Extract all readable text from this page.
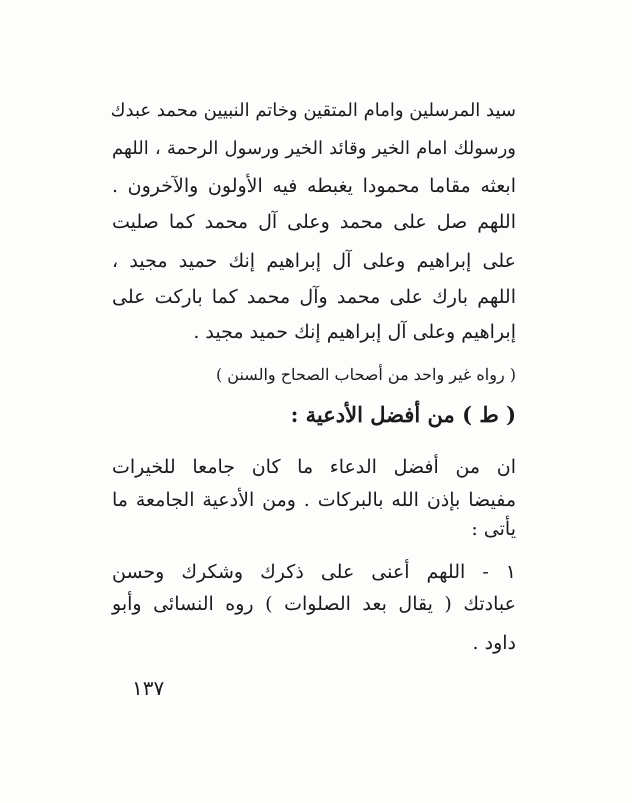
سيد المرسلين وامام المتقين وخاتم النبيين محمد عبدك
ورسولك امام الخير وقائد الخير ورسول الرحمة ، اللهم
ابعثه مقاما محمودا يغبطه فيه الأولون والآخرون .
اللهم صل على محمد وعلى آل محمد كما صليت
على إبراهيم وعلى آل إبراهيم إنك حميد مجيد ،
اللهم بارك على محمد وآل محمد كما باركت على
إبراهيم وعلى آل إبراهيم إنك حميد مجيد .
( رواه غير واحد من أصحاب الصحاح والسنن )
( ط ) من أفضل الأدعية :
ان من أفضل الدعاء ما كان جامعا للخيرات
مفيضا بإذن الله بالبركات . ومن الأدعية الجامعة ما
يأتى :
١ - اللهم أعنى على ذكرك وشكرك وحسن
عبادتك ( يقال بعد الصلوات ) روه النسائى وأبو
داود .
١٣٧
